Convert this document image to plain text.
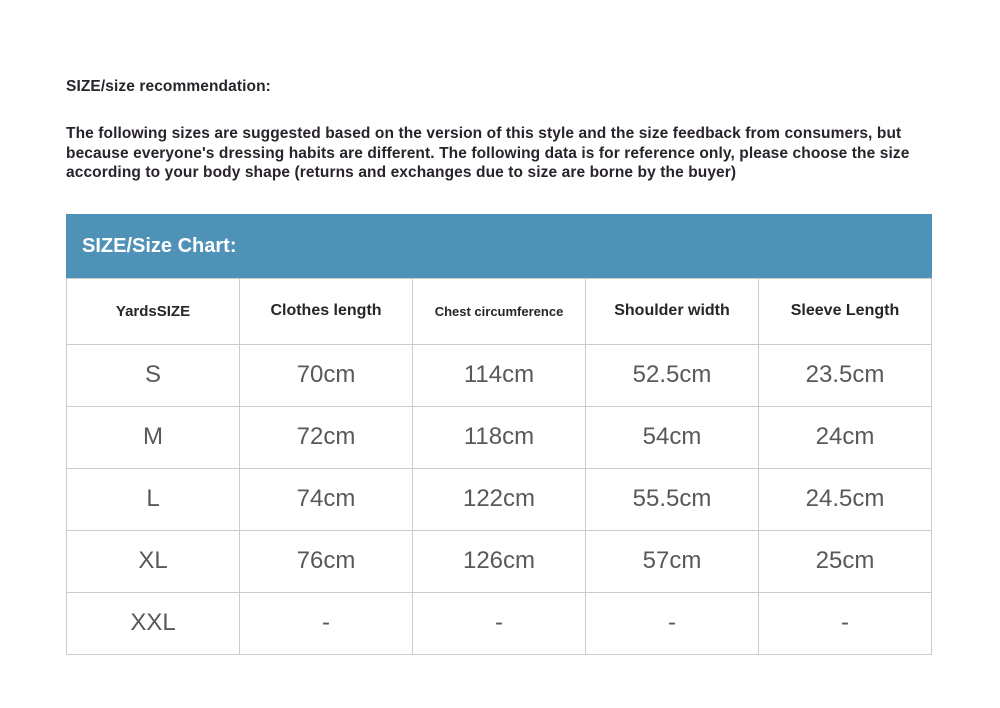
SIZE/size recommendation:

The following sizes are suggested based on the version of this style and the size feedback from consumers, but because everyone's dressing habits are different. The following data is for reference only, please choose the size according to your body shape (returns and exchanges due to size are borne by the buyer)

SIZE/Size Chart:
YardsSIZE	Clothes length	Chest circumference	Shoulder width	Sleeve Length
S	70cm	114cm	52.5cm	23.5cm
M	72cm	118cm	54cm	24cm
L	74cm	122cm	55.5cm	24.5cm
XL	76cm	126cm	57cm	25cm
XXL	-	-	-	-
